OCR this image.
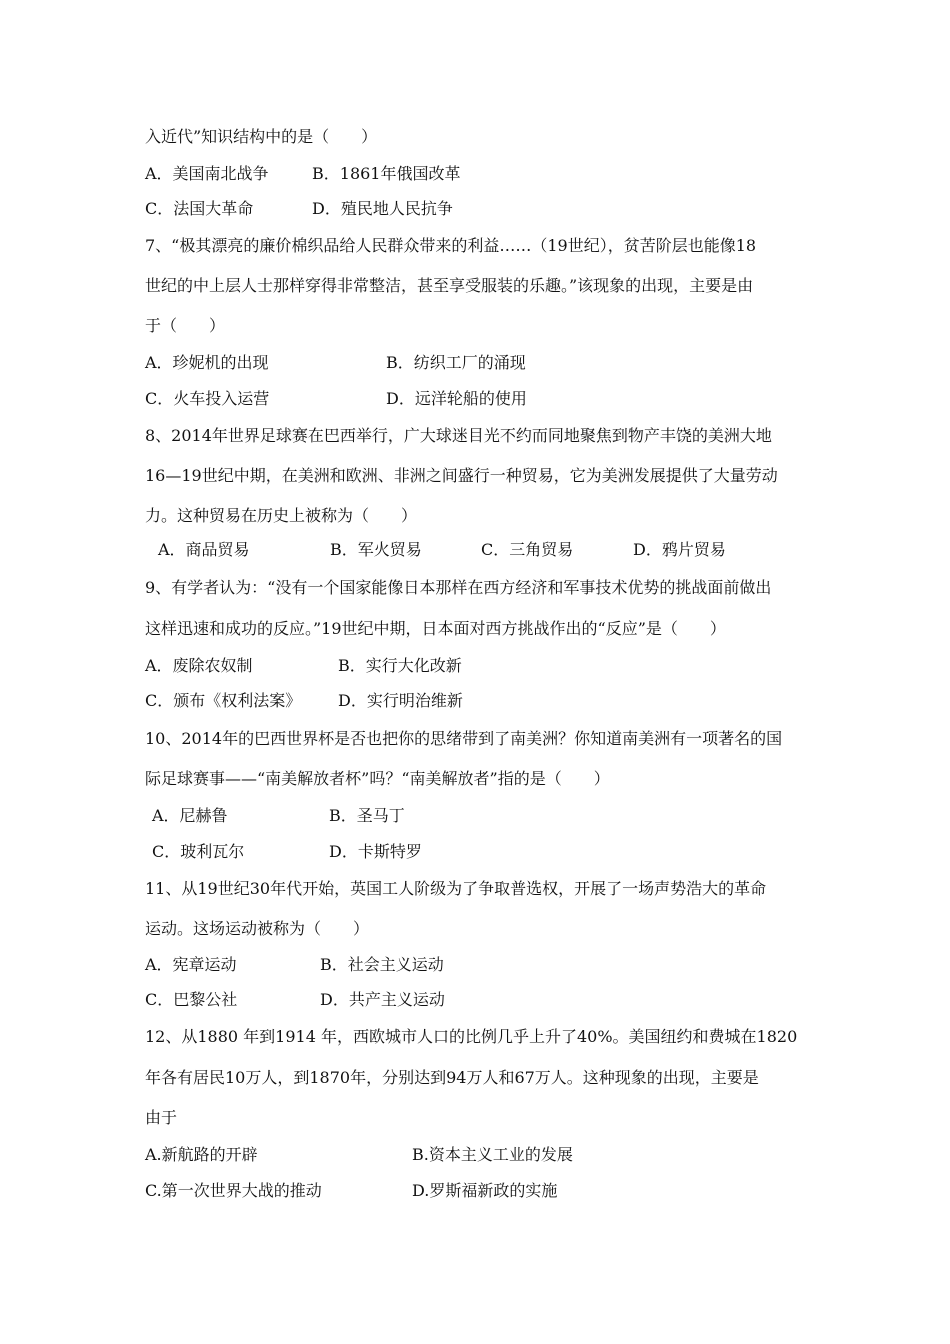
入近代”知识结构中的是（　　）
A．美国南北战争	B．1861年俄国改革
C．法国大革命	D．殖民地人民抗争
7、“极其漂亮的廉价棉织品给人民群众带来的利益……（19世纪），贫苦阶层也能像18
世纪的中上层人士那样穿得非常整洁，甚至享受服装的乐趣。”该现象的出现，主要是由
于（　　）
A．珍妮机的出现	B．纺织工厂的涌现
C．火车投入运营	D．远洋轮船的使用
8、2014年世界足球赛在巴西举行，广大球迷目光不约而同地聚焦到物产丰饶的美洲大地
16—19世纪中期，在美洲和欧洲、非洲之间盛行一种贸易，它为美洲发展提供了大量劳动
力。这种贸易在历史上被称为（　　）
A．商品贸易	B．军火贸易	C．三角贸易	D．鸦片贸易
9、有学者认为：“没有一个国家能像日本那样在西方经济和军事技术优势的挑战面前做出
这样迅速和成功的反应。”19世纪中期，日本面对西方挑战作出的“反应”是（　　）
A．废除农奴制	B．实行大化改新
C．颁布《权利法案》 D．实行明治维新
10、2014年的巴西世界杯是否也把你的思绪带到了南美洲？你知道南美洲有一项著名的国
际足球赛事——“南美解放者杯”吗？“南美解放者”指的是（　　）
A．尼赫鲁	B．圣马丁
C．玻利瓦尔	D．卡斯特罗
11、从19世纪30年代开始，英国工人阶级为了争取普选权，开展了一场声势浩大的革命
运动。这场运动被称为（　　）
A．宪章运动	B．社会主义运动
C．巴黎公社	D．共产主义运动
12、从1880 年到1914 年，西欧城市人口的比例几乎上升了40%。美国纽约和费城在1820
年各有居民10万人，到1870年，分别达到94万人和67万人。这种现象的出现，主要是
由于
A.新航路的开辟	B.资本主义工业的发展
C.第一次世界大战的推动	D.罗斯福新政的实施
